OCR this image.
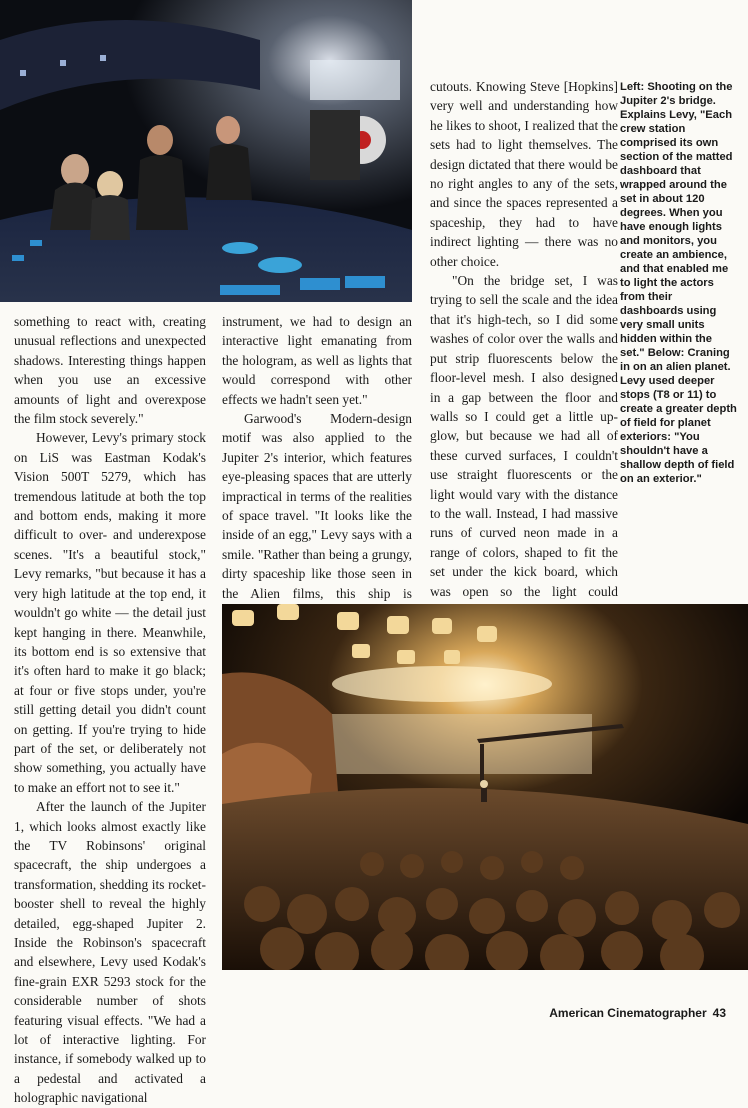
cutouts. Knowing Steve [Hopkins] very well and understanding how he likes to shoot, I realized that the sets had to light themselves. The design dictated that there would be no right angles to any of the sets, and since the spaces represented a spaceship, they had to have indirect lighting — there was no other choice.

"On the bridge set, I was trying to sell the scale and the idea that it's high-tech, so I did some washes of color over the walls and put strip fluorescents below the floor-level mesh. I also designed in a gap between the floor and walls so I could get a little up-glow, but because we had all of these curved surfaces, I couldn't use straight fluorescents or the light would vary with the distance to the wall. Instead, I had massive runs of curved neon made in a range of colors, shaped to fit the set under the kick board, which was open so the light could

Left: Shooting on the Jupiter 2's bridge. Explains Levy, "Each crew station comprised its own section of the matted dashboard that wrapped around the set in about 120 degrees. When you have enough lights and monitors, you create an ambience, and that enabled me to light the actors from their dashboards using very small units hidden within the set." Below: Craning in on an alien planet. Levy used deeper stops (T8 or 11) to create a greater depth of field for planet exteriors: "You shouldn't have a shallow depth of field on an exterior."

something to react with, creating unusual reflections and unexpected shadows. Interesting things happen when you use an excessive amounts of light and overexpose the film stock severely."

However, Levy's primary stock on LiS was Eastman Kodak's Vision 500T 5279, which has tremendous latitude at both the top and bottom ends, making it more difficult to over- and underexpose scenes. "It's a beautiful stock," Levy remarks, "but because it has a very high latitude at the top end, it wouldn't go white — the detail just kept hanging in there. Meanwhile, its bottom end is so extensive that it's often hard to make it go black; at four or five stops under, you're still getting detail you didn't count on getting. If you're trying to hide part of the set, or deliberately not show something, you actually have to make an effort not to see it."

After the launch of the Jupiter 1, which looks almost exactly like the TV Robinsons' original spacecraft, the ship undergoes a transformation, shedding its rocket-booster shell to reveal the highly detailed, egg-shaped Jupiter 2. Inside the Robinson's spacecraft and elsewhere, Levy used Kodak's fine-grain EXR 5293 stock for the considerable number of shots featuring visual effects. "We had a lot of interactive lighting. For instance, if somebody walked up to a pedestal and activated a holographic navigational

instrument, we had to design an interactive light emanating from the hologram, as well as lights that would correspond with other effects we hadn't seen yet."

Garwood's Modern-design motif was also applied to the Jupiter 2's interior, which features eye-pleasing spaces that are utterly impractical in terms of the realities of space travel. "It looks like the inside of an egg," Levy says with a smile. "Rather than being a grungy, dirty spaceship like those seen in the Alien films, this ship is

American Cinematographer 43
